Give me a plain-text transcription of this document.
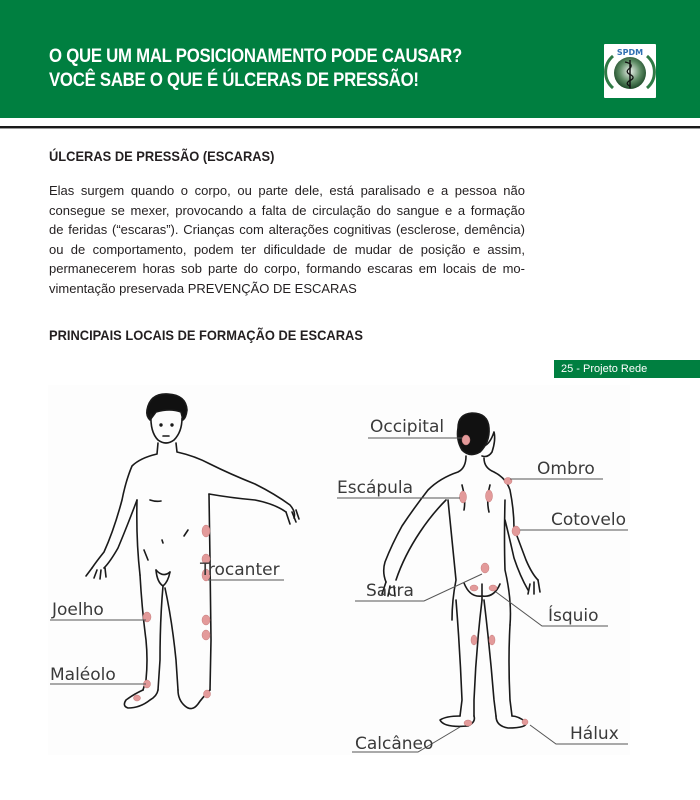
O QUE UM MAL POSICIONAMENTO PODE CAUSAR?
VOCÊ SABE O QUE É ÚLCERAS DE PRESSÃO!
SPDM
ÚLCERAS DE PRESSÃO (ESCARAS)
Elas surgem quando o corpo, ou parte dele, está paralisado e a pessoa não
consegue se mexer, provocando a falta de circulação do sangue e a formação
de feridas (“escaras”). Crianças com alterações cognitivas (esclerose, demência)
ou de comportamento, podem ter dificuldade de mudar de posição e assim,
permanecerem horas sob parte do corpo, formando escaras em locais de mo-
vimentação preservada PREVENÇÃO DE ESCARAS
PRINCIPAIS LOCAIS DE FORMAÇÃO DE ESCARAS
25 - Projeto Rede
Trocanter
Joelho
Maléolo
Occipital
Ombro
Escápula
Cotovelo
Sacra
Ísquio
Calcâneo	Hálux
